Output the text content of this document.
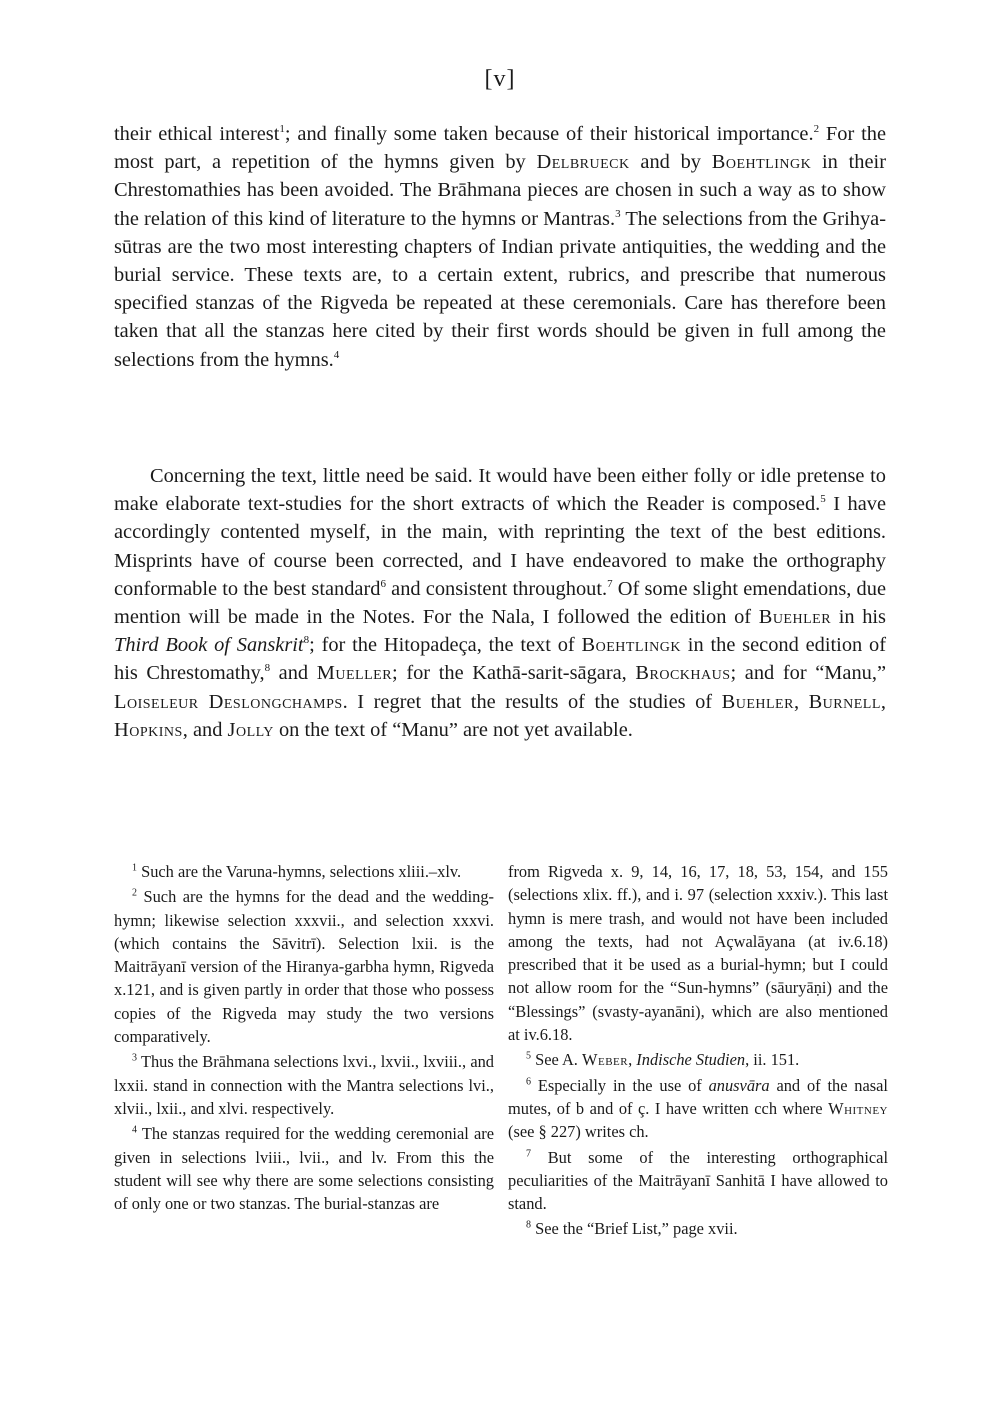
[v]

their ethical interest$^1$; and finally some taken because of their historical importance.$^2$ For the most part, a repetition of the hymns given by Delbrueck and by Boehtlingk in their Chrestomathies has been avoided. The Brāhmana pieces are chosen in such a way as to show the relation of this kind of literature to the hymns or Mantras.$^3$ The selections from the Grihya-sūtras are the two most interesting chapters of Indian private antiquities, the wedding and the burial service. These texts are, to a certain extent, rubrics, and prescribe that numerous specified stanzas of the Rigveda be repeated at these ceremonials. Care has therefore been taken that all the stanzas here cited by their first words should be given in full among the selections from the hymns.$^4$

Concerning the text, little need be said. It would have been either folly or idle pretense to make elaborate text-studies for the short extracts of which the Reader is composed.$^5$ I have accordingly contented myself, in the main, with reprinting the text of the best editions. Misprints have of course been corrected, and I have endeavored to make the orthography conformable to the best standard$^6$ and consistent throughout.$^7$ Of some slight emendations, due mention will be made in the Notes. For the Nala, I followed the edition of Buehler in his Third Book of Sanskrit$^8$; for the Hitopadeça, the text of Boehtlingk in the second edition of his Chrestomathy,$^8$ and Mueller; for the Kathā-sarit-sāgara, Brockhaus; and for “Manu,” Loiseleur Deslongchamps. I regret that the results of the studies of Buehler, Burnell, Hopkins, and Jolly on the text of “Manu” are not yet available.

$^1$ Such are the Varuna-hymns, selections xliii.–xlv.

$^2$ Such are the hymns for the dead and the wedding-hymn; likewise selection xxxvii., and selection xxxvi. (which contains the Sāvitrī). Selection lxii. is the Maitrāyanī version of the Hiranya-garbha hymn, Rigveda x.121, and is given partly in order that those who possess copies of the Rigveda may study the two versions comparatively.

$^3$ Thus the Brāhmana selections lxvi., lxvii., lxviii., and lxxii. stand in connection with the Mantra selections lvi., xlvii., lxii., and xlvi. respectively.

$^4$ The stanzas required for the wedding ceremonial are given in selections lviii., lvii., and lv. From this the student will see why there are some selections consisting of only one or two stanzas. The burial-stanzas are

from Rigveda x. 9, 14, 16, 17, 18, 53, 154, and 155 (selections xlix. ff.), and i. 97 (selection xxxiv.). This last hymn is mere trash, and would not have been included among the texts, had not Açwalāyana (at iv.6.18) prescribed that it be used as a burial-hymn; but I could not allow room for the “Sun-hymns” (sāuryāṇi) and the “Blessings” (svasty-ayanāni), which are also mentioned at iv.6.18.

$^5$ See A. Weber, Indische Studien, ii. 151.

$^6$ Especially in the use of anusvāra and of the nasal mutes, of b and of ç. I have written cch where Whitney (see § 227) writes ch.

$^7$ But some of the interesting orthographical peculiarities of the Maitrāyanī Sanhitā I have allowed to stand.

$^8$ See the “Brief List,” page xvii.
